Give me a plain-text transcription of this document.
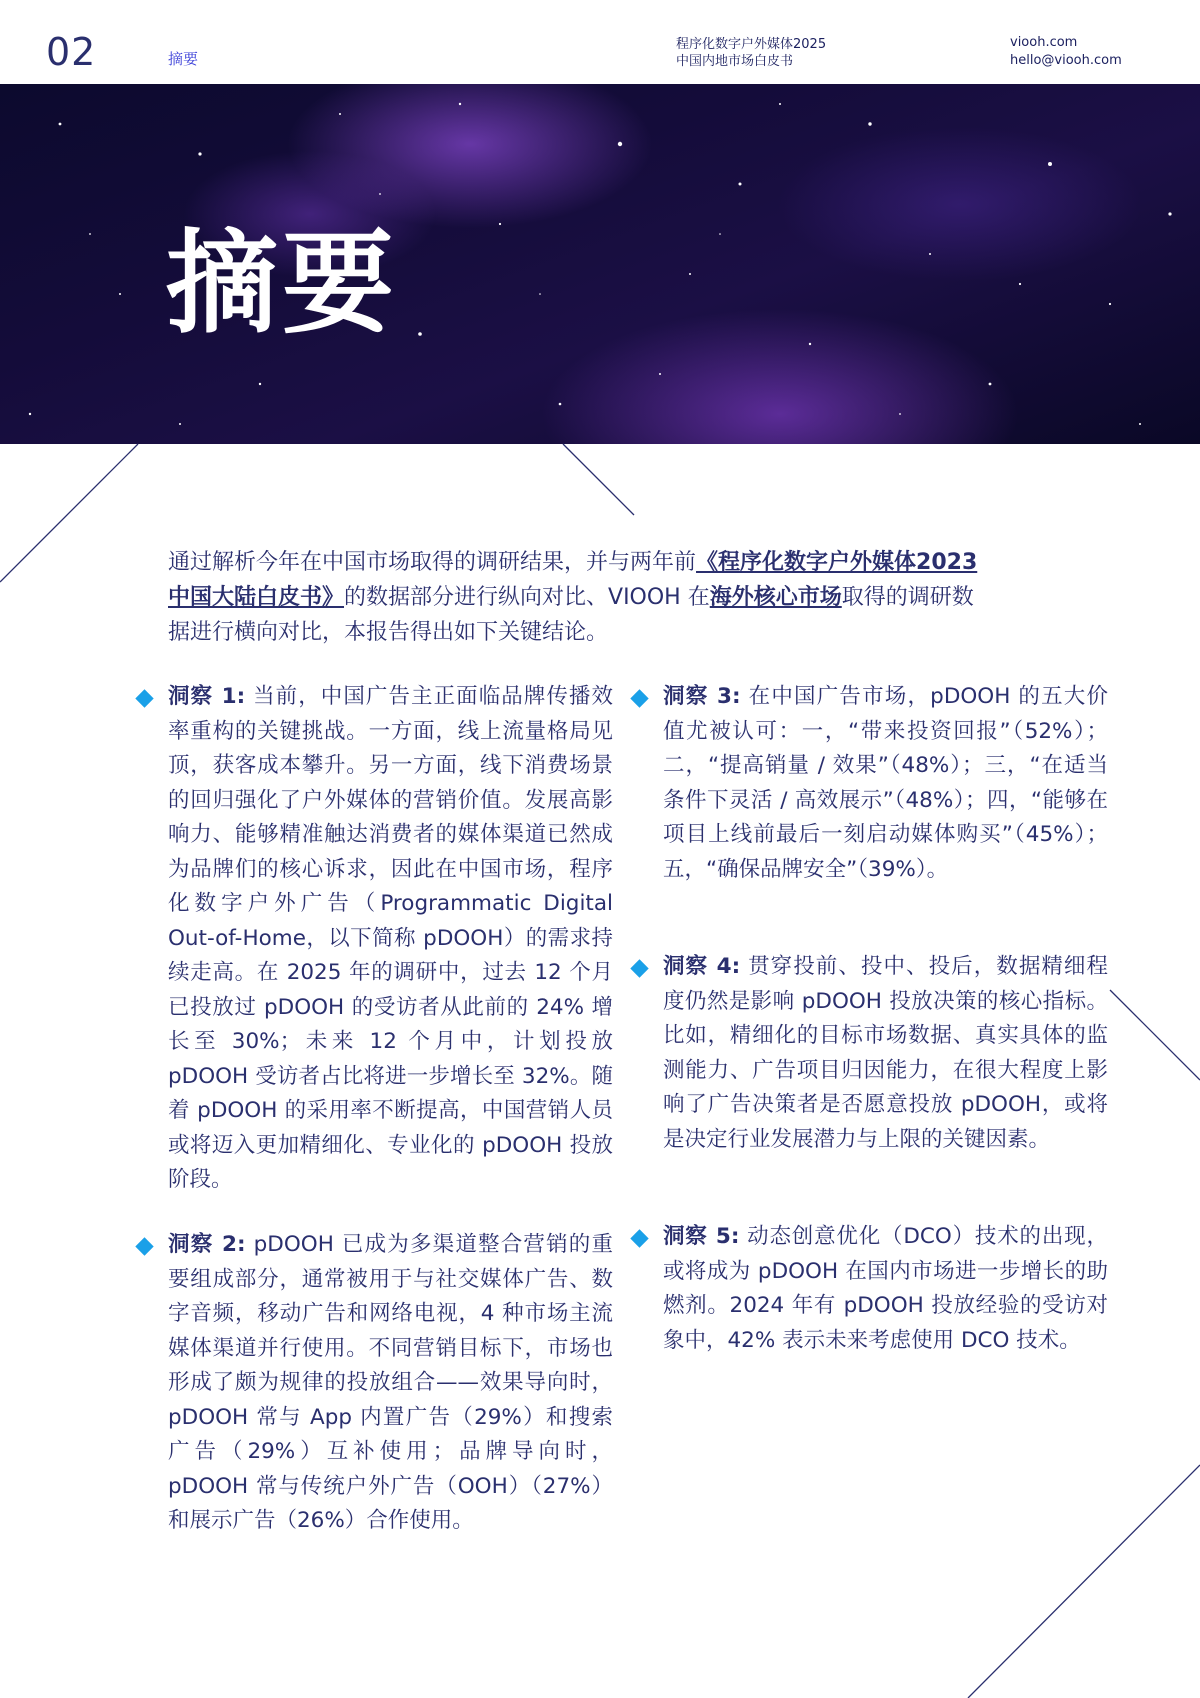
02	摘要
程序化数字户外媒体2025
中国内地市场白皮书
viooh.com
hello@viooh.com
摘要
通过解析今年在中国市场取得的调研结果，并与两年前《程序化数字户外媒体2023 中国大陆白皮书》的数据部分进行纵向对比、VIOOH 在海外核心市场取得的调研数据进行横向对比，本报告得出如下关键结论。
洞察 1: 当前，中国广告主正面临品牌传播效率重构的关键挑战。一方面，线上流量格局见顶，获客成本攀升。另一方面，线下消费场景的回归强化了户外媒体的营销价值。发展高影响力、能够精准触达消费者的媒体渠道已然成为品牌们的核心诉求，因此在中国市场，程序化数字户外广告（Programmatic Digital Out-of-Home，以下简称 pDOOH）的需求持续走高。在 2025 年的调研中，过去 12 个月已投放过 pDOOH 的受访者从此前的 24% 增长至 30%；未来 12 个月中，计划投放 pDOOH 受访者占比将进一步增长至 32%。随着 pDOOH 的采用率不断提高，中国营销人员或将迈入更加精细化、专业化的 pDOOH 投放阶段。
洞察 2: pDOOH 已成为多渠道整合营销的重要组成部分，通常被用于与社交媒体广告、数字音频，移动广告和网络电视，4 种市场主流媒体渠道并行使用。不同营销目标下，市场也形成了颇为规律的投放组合——效果导向时，pDOOH 常与 App 内置广告（29%）和搜索广告（29%）互补使用；品牌导向时，pDOOH 常与传统户外广告（OOH）（27%）和展示广告（26%）合作使用。
洞察 3: 在中国广告市场，pDOOH 的五大价值尤被认可：一，“带来投资回报”（52%）；二，“提高销量 / 效果”（48%）；三，“在适当条件下灵活 / 高效展示”（48%）；四，“能够在项目上线前最后一刻启动媒体购买”（45%）；五，“确保品牌安全”（39%）。
洞察 4: 贯穿投前、投中、投后，数据精细程度仍然是影响 pDOOH 投放决策的核心指标。比如，精细化的目标市场数据、真实具体的监测能力、广告项目归因能力，在很大程度上影响了广告决策者是否愿意投放 pDOOH，或将是决定行业发展潜力与上限的关键因素。
洞察 5: 动态创意优化（DCO）技术的出现，或将成为 pDOOH 在国内市场进一步增长的助燃剂。2024 年有 pDOOH 投放经验的受访对象中，42% 表示未来考虑使用 DCO 技术。
